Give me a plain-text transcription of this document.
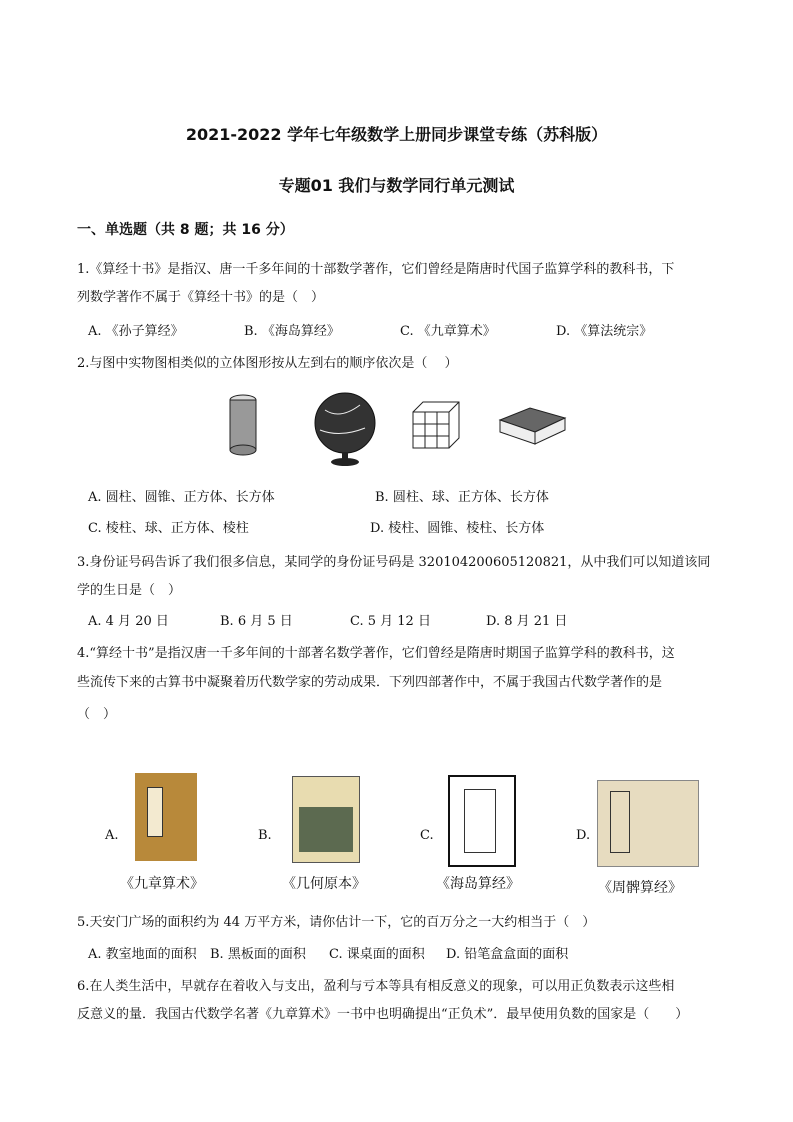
2021-2022 学年七年级数学上册同步课堂专练（苏科版）
专题01 我们与数学同行单元测试
一、单选题（共 8 题；共 16 分）
1.《算经十书》是指汉、唐一千多年间的十部数学著作，它们曾经是隋唐时代国子监算学科的教科书，下
列数学著作不属于《算经十书》的是（　）
A. 《孙子算经》	B. 《海岛算经》	C. 《九章算术》	D. 《算法统宗》
2.与图中实物图相类似的立体图形按从左到右的顺序依次是（　 ）
A. 圆柱、圆锥、正方体、长方体	B. 圆柱、球、正方体、长方体
C. 棱柱、球、正方体、棱柱	D. 棱柱、圆锥、棱柱、长方体
3.身份证号码告诉了我们很多信息，某同学的身份证号码是 320104200605120821，从中我们可以知道该同
学的生日是（　）
A. 4 月 20 日	B. 6 月 5 日	C. 5 月 12 日	D. 8 月 21 日
4.“算经十书”是指汉唐一千多年间的十部著名数学著作，它们曾经是隋唐时期国子监算学科的教科书，这
些流传下来的古算书中凝聚着历代数学家的劳动成果．下列四部著作中，不属于我国古代数学著作的是
（　）
A.	B.	C.	D.
《九章算术》	《几何原本》	《海岛算经》	《周髀算经》
5.天安门广场的面积约为 44 万平方米，请你估计一下，它的百万分之一大约相当于（　）
A. 教室地面的面积 B. 黑板面的面积 C. 课桌面的面积 D. 铅笔盒盒面的面积
6.在人类生活中，早就存在着收入与支出，盈利与亏本等具有相反意义的现象，可以用正负数表示这些相
反意义的量．我国古代数学名著《九章算术》一书中也明确提出“正负术”．最早使用负数的国家是（　　）
